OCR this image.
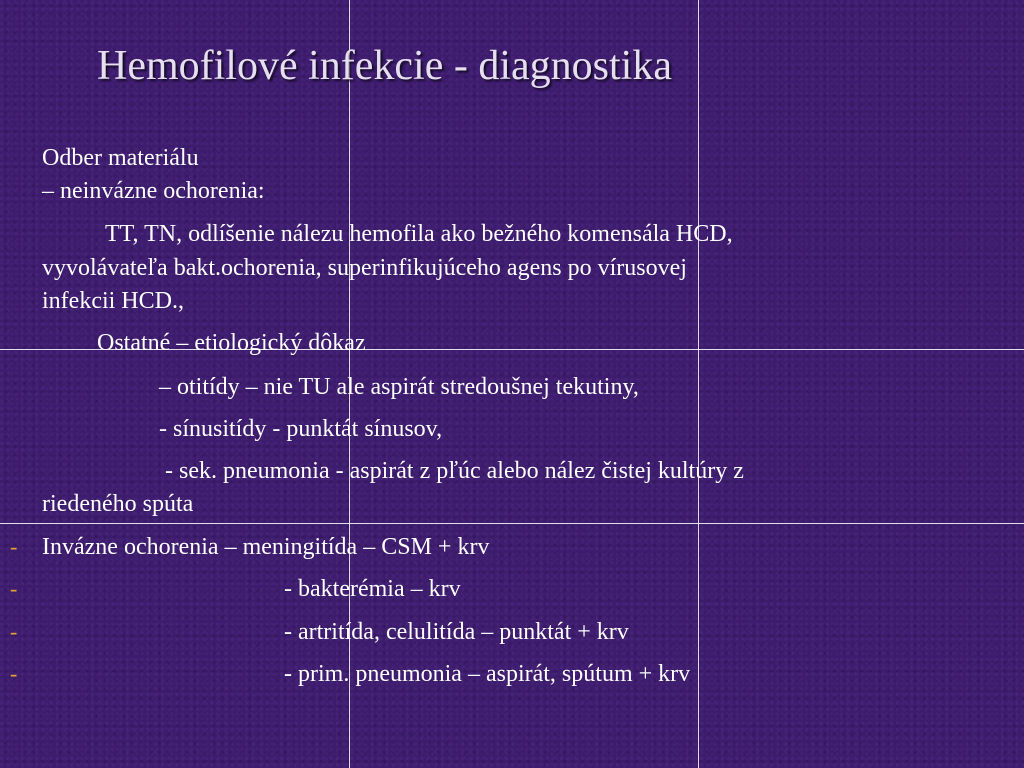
Hemofilové infekcie - diagnostika
Odber materiálu
– neinvázne ochorenia:
TT, TN, odlíšenie nálezu hemofila ako bežného komensála HCD,
vyvolávateľa bakt.ochorenia, superinfikujúceho agens po vírusovej
infekcii HCD.,
Ostatné – etiologický dôkaz
– otitídy – nie TU ale aspirát stredoušnej tekutiny,
- sínusitídy - punktát sínusov,
- sek. pneumonia - aspirát z pľúc alebo nález čistej kultúry z
riedeného spúta
- Invázne ochorenia – meningitída – CSM + krv
-	- bakterémia – krv
-	- artritída, celulitída – punktát + krv
-	- prim. pneumonia – aspirát, spútum + krv
